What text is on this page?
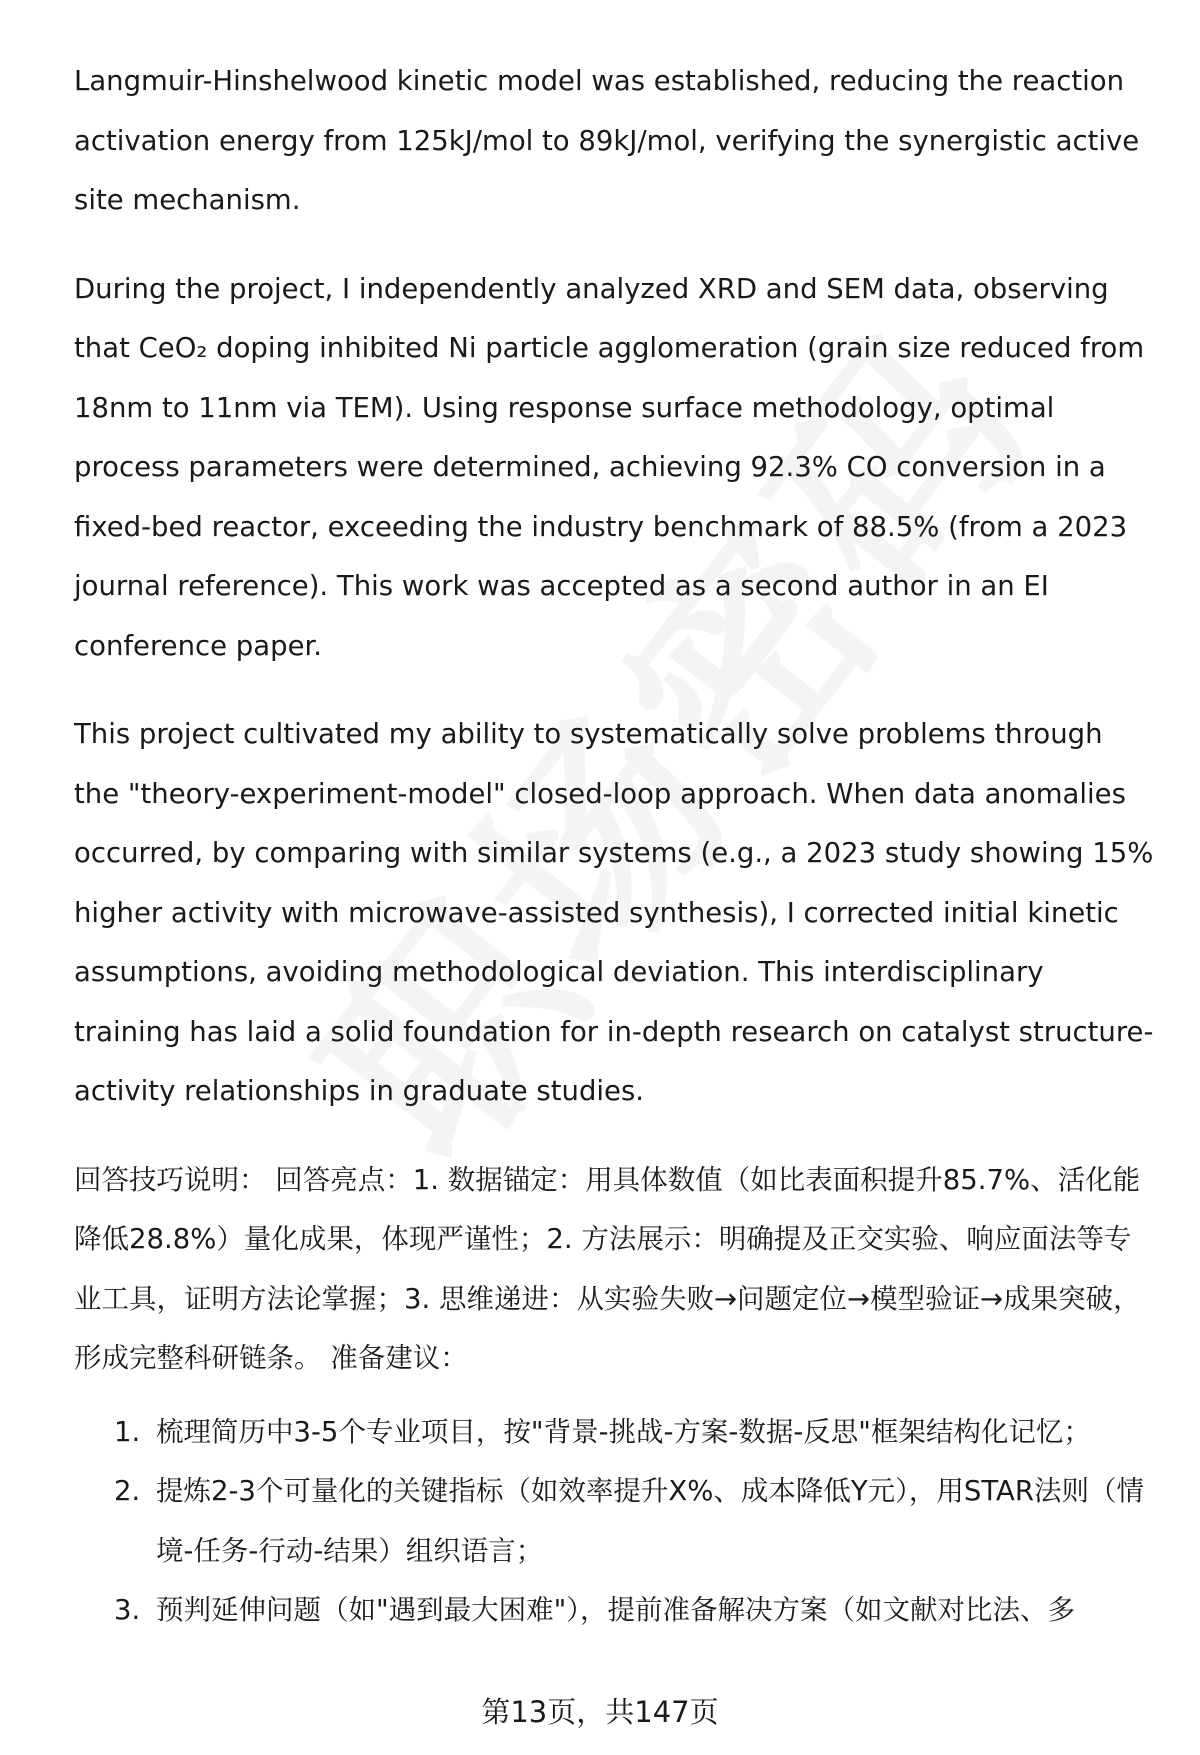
Langmuir-Hinshelwood kinetic model was established, reducing the reaction activation energy from 125kJ/mol to 89kJ/mol, verifying the synergistic active site mechanism.

During the project, I independently analyzed XRD and SEM data, observing that CeO₂ doping inhibited Ni particle agglomeration (grain size reduced from 18nm to 11nm via TEM). Using response surface methodology, optimal process parameters were determined, achieving 92.3% CO conversion in a fixed-bed reactor, exceeding the industry benchmark of 88.5% (from a 2023 journal reference). This work was accepted as a second author in an EI conference paper.

This project cultivated my ability to systematically solve problems through the "theory-experiment-model" closed-loop approach. When data anomalies occurred, by comparing with similar systems (e.g., a 2023 study showing 15% higher activity with microwave-assisted synthesis), I corrected initial kinetic assumptions, avoiding methodological deviation. This interdisciplinary training has laid a solid foundation for in-depth research on catalyst structure-activity relationships in graduate studies.

回答技巧说明： 回答亮点：1. 数据锚定：用具体数值（如比表面积提升85.7%、活化能降低28.8%）量化成果，体现严谨性；2. 方法展示：明确提及正交实验、响应面法等专业工具，证明方法论掌握；3. 思维递进：从实验失败→问题定位→模型验证→成果突破，形成完整科研链条。 准备建议：

1. 梳理简历中3-5个专业项目，按"背景-挑战-方案-数据-反思"框架结构化记忆；
2. 提炼2-3个可量化的关键指标（如效率提升X%、成本降低Y元），用STAR法则（情境-任务-行动-结果）组织语言；
3. 预判延伸问题（如"遇到最大困难"），提前准备解决方案（如文献对比法、多
第13页，共147页
